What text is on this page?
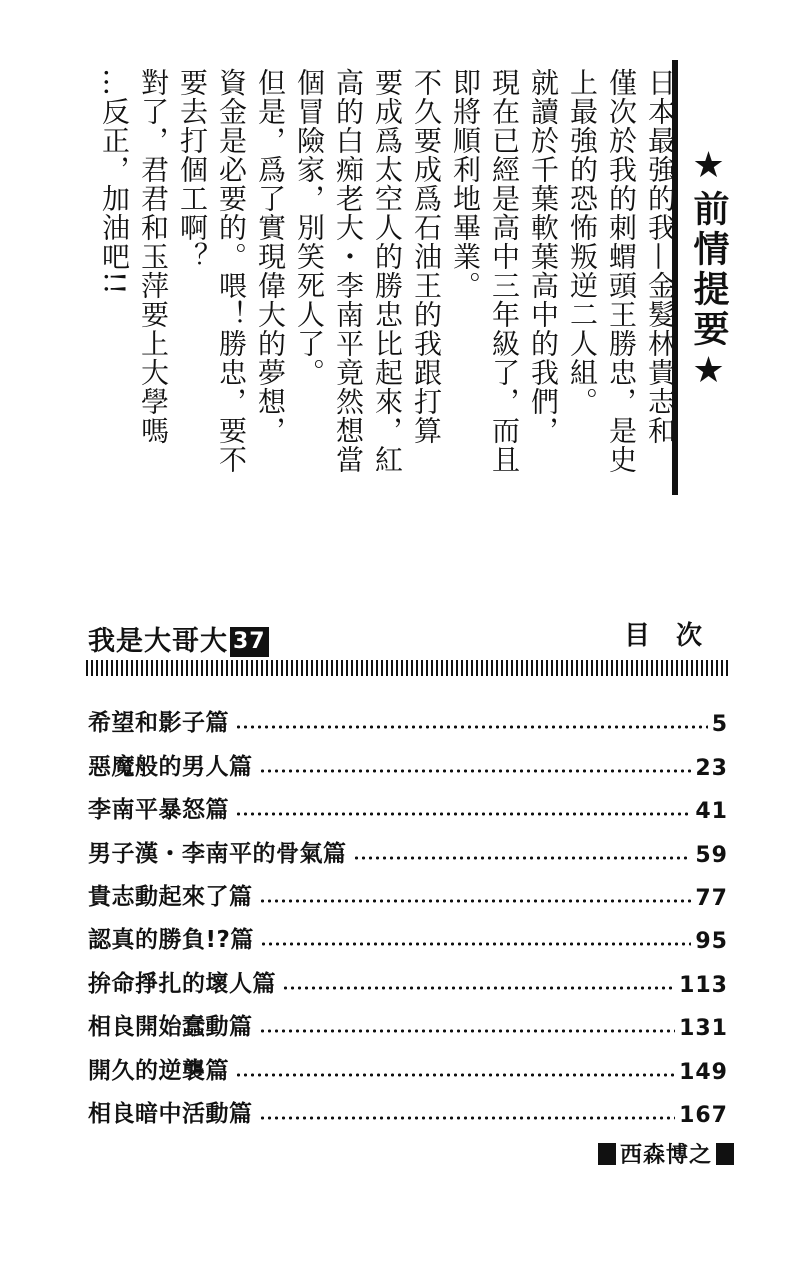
★前情提要★
日本最強的我—金髮林貴志和
僅次於我的刺蝟頭王勝忠，是史
上最強的恐怖叛逆二人組。
就讀於千葉軟葉高中的我們，
現在已經是高中三年級了，而且
即將順利地畢業。
不久要成爲石油王的我跟打算
要成爲太空人的勝忠比起來，紅
高的白痴老大・李南平竟然想當
個冒險家，別笑死人了。
但是，爲了實現偉大的夢想，
資金是必要的。喂！勝忠，要不
要去打個工啊？
對了，君君和玉萍要上大學嗎
…反正，加油吧!!
我是大哥大 37	目次
希望和影子篇	5
惡魔般的男人篇	23
李南平暴怒篇	41
男子漢・李南平的骨氣篇	59
貴志動起來了篇	77
認真的勝負!?篇	95
拚命掙扎的壞人篇	113
相良開始蠢動篇	131
開久的逆襲篇	149
相良暗中活動篇	167
西森博之
